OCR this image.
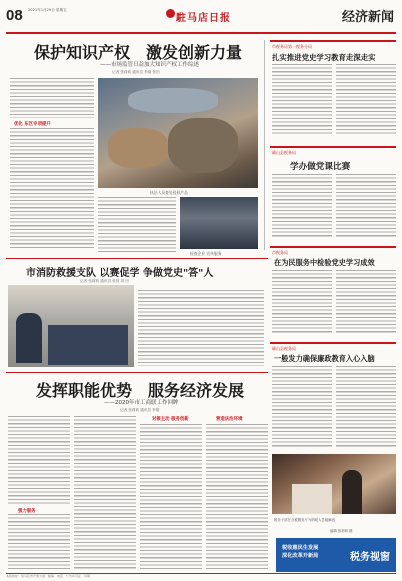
08 2021年1月29日 星期五
駐马店日报	经济新闻
保护知识产权　激发创新力量
——市场监管日益加大知识产权工作综述
记者 张莉莉 通讯员 李瑞 张田
优化 东区专项提升
执法人员查处侵权产品
检查企业 宣传服务
市消防救援支队 以赛促学 争做党史"答"人
记者 张莉莉 通讯员 张田 刘 田
发挥职能优势　服务经济发展
——2020年市工商联工作回眸
记者 张莉莉 通讯员 李瑞
强力服务
对接主动 服务创新	营造法治环境
市税务局第一税务分局
扎实推进党史学习教育走深走实
确山县税务局
学办做党课比赛
市税务局
在为民服务中检验党史学习成效
确山县税务局
一般发力确保廉政教育入心入脑
税务干部在办税服务厅为纳税人答疑解惑
编辑 张莉莉 摄
税收惠民生发展
深化改革开新局	税务视窗
本报地址：驻马店市开源大道　邮编　电话　广告许可证　印刷
